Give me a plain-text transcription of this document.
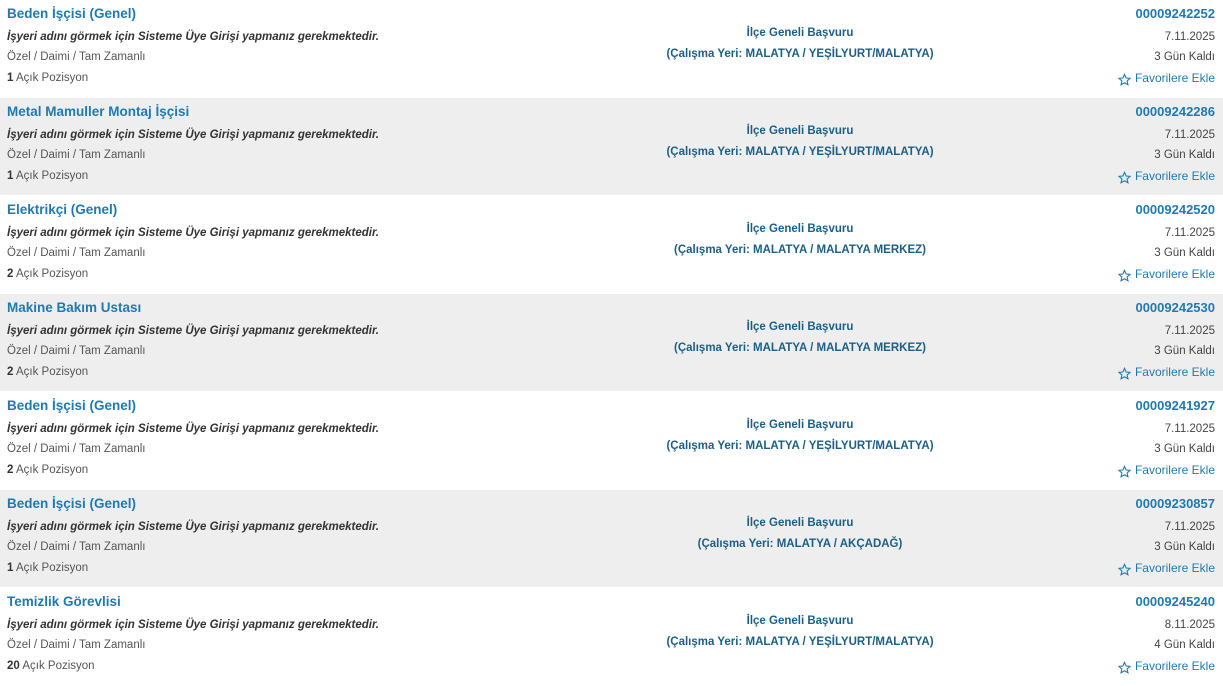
Beden İşçisi (Genel)
İşyeri adını görmek için Sisteme Üye Girişi yapmanız gerekmektedir.
Özel / Daimi / Tam Zamanlı
1 Açık Pozisyon
İlçe Geneli Başvuru
(Çalışma Yeri: MALATYA / YEŞİLYURT/MALATYA)
00009242252
7.11.2025
3 Gün Kaldı
Favorilere Ekle
Metal Mamuller Montaj İşçisi
İşyeri adını görmek için Sisteme Üye Girişi yapmanız gerekmektedir.
Özel / Daimi / Tam Zamanlı
1 Açık Pozisyon
İlçe Geneli Başvuru
(Çalışma Yeri: MALATYA / YEŞİLYURT/MALATYA)
00009242286
7.11.2025
3 Gün Kaldı
Favorilere Ekle
Elektrikçi (Genel)
İşyeri adını görmek için Sisteme Üye Girişi yapmanız gerekmektedir.
Özel / Daimi / Tam Zamanlı
2 Açık Pozisyon
İlçe Geneli Başvuru
(Çalışma Yeri: MALATYA / MALATYA MERKEZ)
00009242520
7.11.2025
3 Gün Kaldı
Favorilere Ekle
Makine Bakım Ustası
İşyeri adını görmek için Sisteme Üye Girişi yapmanız gerekmektedir.
Özel / Daimi / Tam Zamanlı
2 Açık Pozisyon
İlçe Geneli Başvuru
(Çalışma Yeri: MALATYA / MALATYA MERKEZ)
00009242530
7.11.2025
3 Gün Kaldı
Favorilere Ekle
Beden İşçisi (Genel)
İşyeri adını görmek için Sisteme Üye Girişi yapmanız gerekmektedir.
Özel / Daimi / Tam Zamanlı
2 Açık Pozisyon
İlçe Geneli Başvuru
(Çalışma Yeri: MALATYA / YEŞİLYURT/MALATYA)
00009241927
7.11.2025
3 Gün Kaldı
Favorilere Ekle
Beden İşçisi (Genel)
İşyeri adını görmek için Sisteme Üye Girişi yapmanız gerekmektedir.
Özel / Daimi / Tam Zamanlı
1 Açık Pozisyon
İlçe Geneli Başvuru
(Çalışma Yeri: MALATYA / AKÇADAĞ)
00009230857
7.11.2025
3 Gün Kaldı
Favorilere Ekle
Temizlik Görevlisi
İşyeri adını görmek için Sisteme Üye Girişi yapmanız gerekmektedir.
Özel / Daimi / Tam Zamanlı
20 Açık Pozisyon
İlçe Geneli Başvuru
(Çalışma Yeri: MALATYA / YEŞİLYURT/MALATYA)
00009245240
8.11.2025
4 Gün Kaldı
Favorilere Ekle
